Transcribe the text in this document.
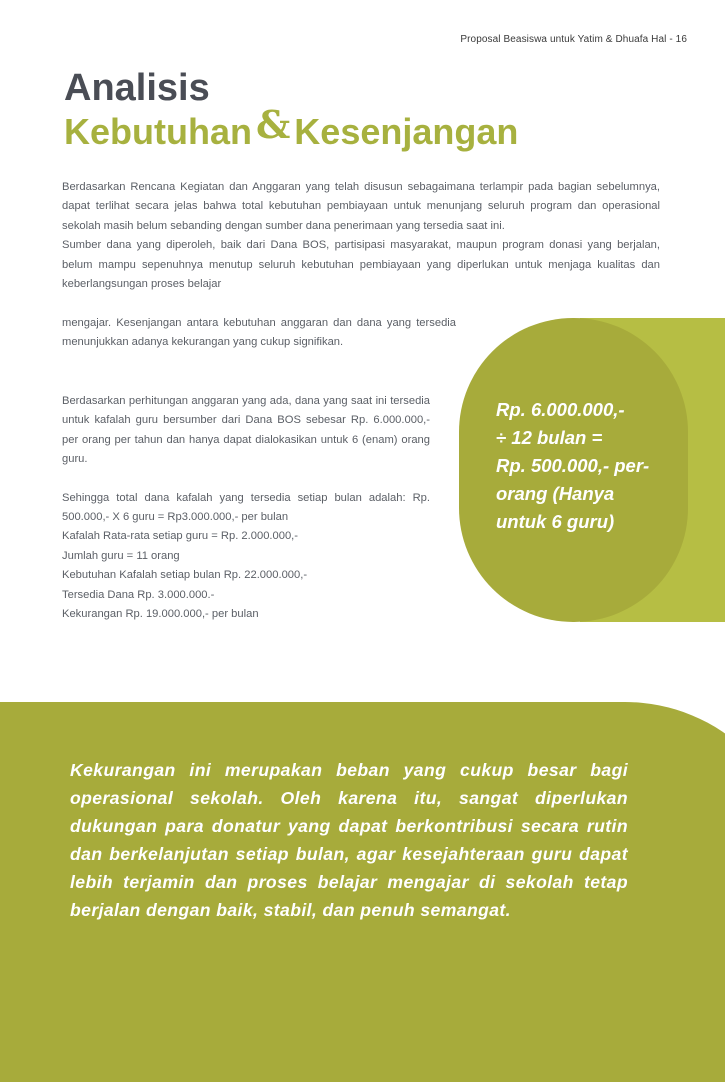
Proposal Beasiswa untuk Yatim & Dhuafa Hal - 16
Analisis
Kebutuhan & Kesenjangan

Berdasarkan Rencana Kegiatan dan Anggaran yang telah disusun sebagaimana terlampir pada bagian sebelumnya, dapat terlihat secara jelas bahwa total kebutuhan pembiayaan untuk menunjang seluruh program dan operasional sekolah masih belum sebanding dengan sumber dana penerimaan yang tersedia saat ini.
Sumber dana yang diperoleh, baik dari Dana BOS, partisipasi masyarakat, maupun program donasi yang berjalan, belum mampu sepenuhnya menutup seluruh kebutuhan pembiayaan yang diperlukan untuk menjaga kualitas dan keberlangsungan proses belajar

mengajar. Kesenjangan antara kebutuhan anggaran dan dana yang tersedia menunjukkan adanya kekurangan yang cukup signifikan.

Berdasarkan perhitungan anggaran yang ada, dana yang saat ini tersedia untuk kafalah guru bersumber dari Dana BOS sebesar Rp. 6.000.000,- per orang per tahun dan hanya dapat dialokasikan untuk 6 (enam) orang guru.
Sehingga total dana kafalah yang tersedia setiap bulan adalah: Rp. 500.000,- X 6 guru = Rp3.000.000,- per bulan
Kafalah Rata-rata setiap guru = Rp. 2.000.000,-
Jumlah guru = 11 orang
Kebutuhan Kafalah setiap bulan Rp. 22.000.000,-
Tersedia Dana Rp. 3.000.000.-
Kekurangan Rp. 19.000.000,- per bulan

Rp. 6.000.000,-
÷ 12 bulan =
Rp. 500.000,- per-
orang (Hanya
untuk 6 guru)

Kekurangan ini merupakan beban yang cukup besar bagi operasional sekolah. Oleh karena itu, sangat diperlukan dukungan para donatur yang dapat berkontribusi secara rutin dan berkelanjutan setiap bulan, agar kesejahteraan guru dapat lebih terjamin dan proses belajar mengajar di sekolah tetap berjalan dengan baik, stabil, dan penuh semangat.
